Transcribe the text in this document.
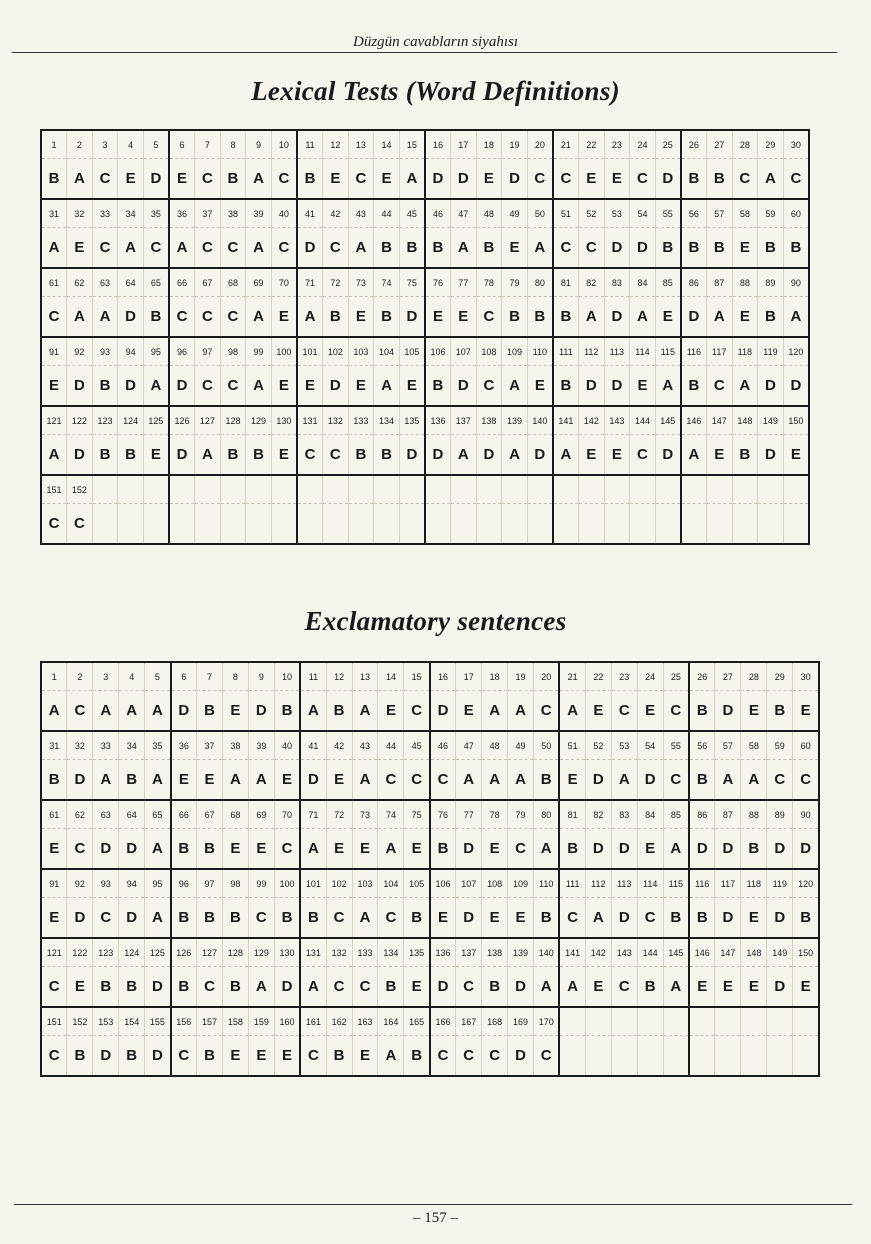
Düzgün cavabların siyahısı
Lexical Tests (Word Definitions)
1	2	3	4	5	6	7	8	9	10	11	12	13	14	15	16	17	18	19	20	21	22	23	24	25	26	27	28	29	30
B	A	C	E	D	E	C	B	A	C	B	E	C	E	A	D	D	E	D	C	C	E	E	C	D	B	B	C	A	C
31	32	33	34	35	36	37	38	39	40	41	42	43	44	45	46	47	48	49	50	51	52	53	54	55	56	57	58	59	60
A	E	C	A	C	A	C	C	A	C	D	C	A	B	B	B	A	B	E	A	C	C	D	D	B	B	B	E	B	B
61	62	63	64	65	66	67	68	69	70	71	72	73	74	75	76	77	78	79	80	81	82	83	84	85	86	87	88	89	90
C	A	A	D	B	C	C	C	A	E	A	B	E	B	D	E	E	C	B	B	B	A	D	A	E	D	A	E	B	A
91	92	93	94	95	96	97	98	99	100	101	102	103	104	105	106	107	108	109	110	111	112	113	114	115	116	117	118	119	120
E	D	B	D	A	D	C	C	A	E	E	D	E	A	E	B	D	C	A	E	B	D	D	E	A	B	C	A	D	D
121	122	123	124	125	126	127	128	129	130	131	132	133	134	135	136	137	138	139	140	141	142	143	144	145	146	147	148	149	150
A	D	B	B	E	D	A	B	B	E	C	C	B	B	D	D	A	D	A	D	A	E	E	C	D	A	E	B	D	E
151	152																												
C	C																												
Exclamatory sentences
1	2	3	4	5	6	7	8	9	10	11	12	13	14	15	16	17	18	19	20	21	22	23	24	25	26	27	28	29	30
A	C	A	A	A	D	B	E	D	B	A	B	A	E	C	D	E	A	A	C	A	E	C	E	C	B	D	E	B	E
31	32	33	34	35	36	37	38	39	40	41	42	43	44	45	46	47	48	49	50	51	52	53	54	55	56	57	58	59	60
B	D	A	B	A	E	E	A	A	E	D	E	A	C	C	C	A	A	A	B	E	D	A	D	C	B	A	A	C	C
61	62	63	64	65	66	67	68	69	70	71	72	73	74	75	76	77	78	79	80	81	82	83	84	85	86	87	88	89	90
E	C	D	D	A	B	B	E	E	C	A	E	E	A	E	B	D	E	C	A	B	D	D	E	A	D	D	B	D	D
91	92	93	94	95	96	97	98	99	100	101	102	103	104	105	106	107	108	109	110	111	112	113	114	115	116	117	118	119	120
E	D	C	D	A	B	B	B	C	B	B	C	A	C	B	E	D	E	E	B	C	A	D	C	B	B	D	E	D	B
121	122	123	124	125	126	127	128	129	130	131	132	133	134	135	136	137	138	139	140	141	142	143	144	145	146	147	148	149	150
C	E	B	B	D	B	C	B	A	D	A	C	C	B	E	D	C	B	D	A	A	E	C	B	A	E	E	E	D	E
151	152	153	154	155	156	157	158	159	160	161	162	163	164	165	166	167	168	169	170										
C	B	D	B	D	C	B	E	E	E	C	B	E	A	B	C	C	C	D	C										
– 157 –
